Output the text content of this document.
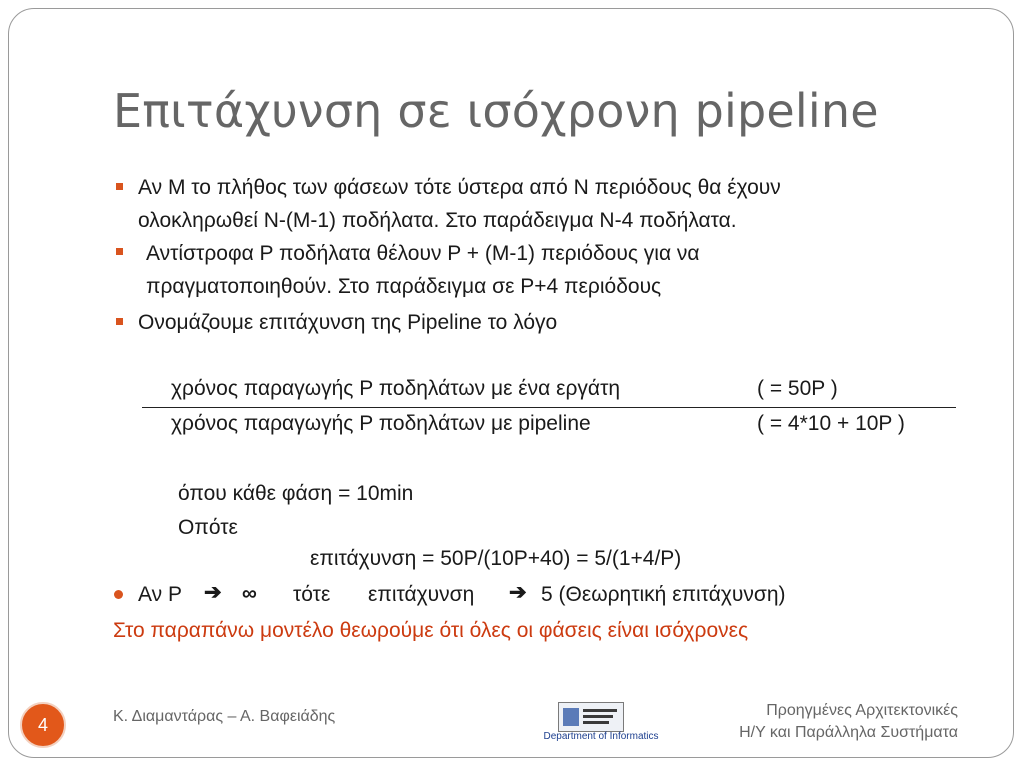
Επιτάχυνση σε ισόχρονη pipeline
Αν M το πλήθος των φάσεων τότε ύστερα από N περιόδους θα έχουν
ολοκληρωθεί N-(M-1) ποδήλατα. Στο παράδειγμα N-4 ποδήλατα.
Αντίστροφα P ποδήλατα θέλουν P + (M-1) περιόδους για να
πραγματοποιηθούν. Στο παράδειγμα σε P+4 περιόδους
Ονομάζουμε επιτάχυνση της Pipeline το λόγο
χρόνος παραγωγής P ποδηλάτων με ένα εργάτη	( = 50P )
χρόνος παραγωγής P ποδηλάτων με pipeline	( = 4*10 + 10P )
όπου κάθε φάση = 10min
Οπότε
επιτάχυνση = 50P/(10P+40) = 5/(1+4/P)
Αν P ➔ ∞ τότε επιτάχυνση ➔ 5 (Θεωρητική επιτάχυνση)
Στο παραπάνω μοντέλο θεωρούμε ότι όλες οι φάσεις είναι ισόχρονες
4	Κ. Διαμαντάρας – Α. Βαφειάδης
Department of Informatics
Προηγμένες Αρχιτεκτονικές
Η/Υ και Παράλληλα Συστήματα
